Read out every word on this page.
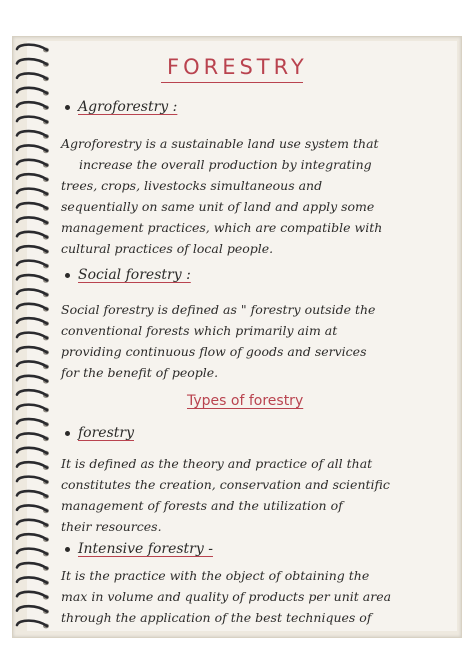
FORESTRY
Agroforestry :
Agroforestry is a sustainable land use system that
increase the overall production by integrating
trees, crops, livestocks simultaneous and
sequentially on same unit of land and apply some
management practices, which are compatible with
cultural practices of local people.
Social forestry :
Social forestry is defined as " forestry outside the
conventional forests which primarily aim at
providing continuous flow of goods and services
for the benefit of people.
Types of forestry
forestry
It is defined as the theory and practice of all that
constitutes the creation, conservation and scientific
management of forests and the utilization of
their resources.
Intensive forestry -
It is the practice with the object of obtaining the
max in volume and quality of products per unit area
through the application of the best techniques of
